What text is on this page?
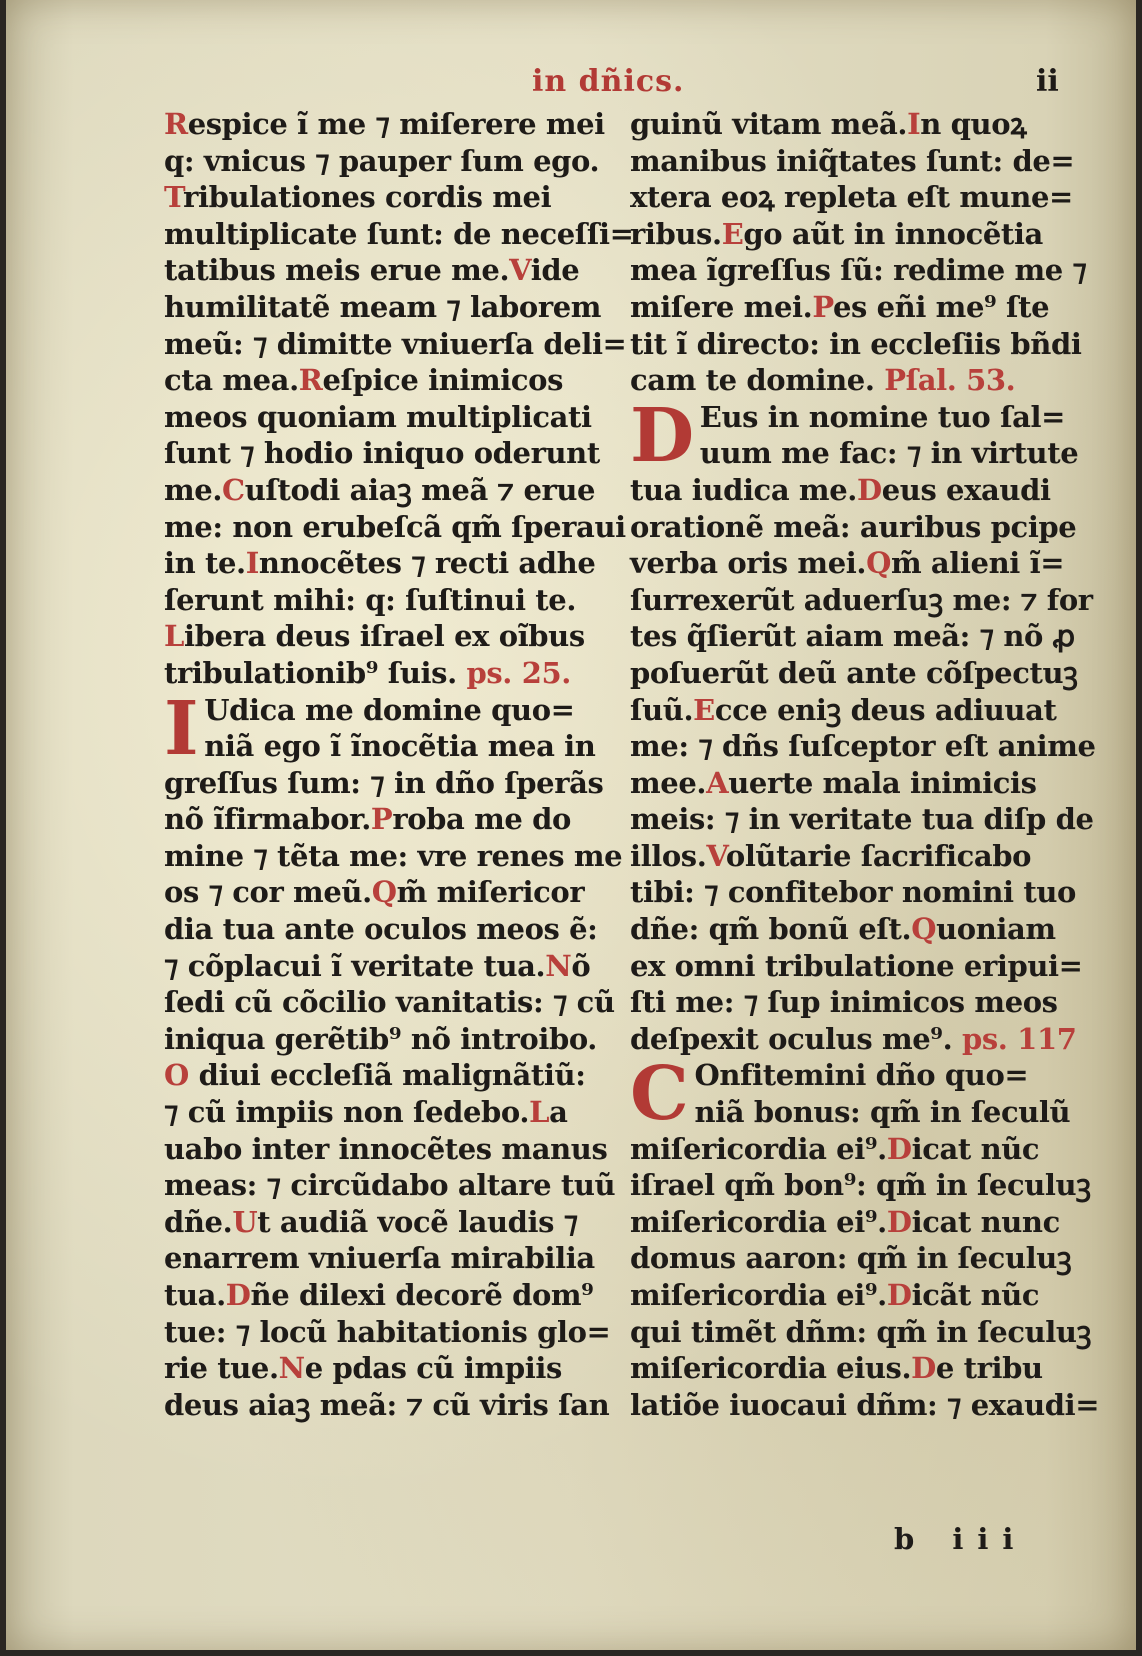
in dñics.	ii
Respice ĩ me ⁊ miſerere mei
q: vnicus ⁊ pauper ſum ego.
Tribulationes cordis mei
multiplicate ſunt: de neceſſi=
tatibus meis erue me.Vide
humilitatẽ meam ⁊ laborem
meũ: ⁊ dimitte vniuerſa deli=
cta mea.Reſpice inimicos
meos quoniam multiplicati
ſunt ⁊ hodio iniquo oderunt
me.Cuſtodi aiaꝫ meã ⁊ erue
me: non erubeſcã qm̃ ſperaui
in te.Innocẽtes ⁊ recti adhe
ſerunt mihi: q: ſuſtinui te.
Libera deus iſrael ex oĩbus
tribulationib⁹ ſuis. ps. 25.
I Udica me domine quo=
niã ego ĩ ĩnocẽtia mea in
greſſus ſum: ⁊ in dño ſperãs
nõ ĩfirmabor.Proba me do
mine ⁊ tẽta me: vre renes me
os ⁊ cor meũ.Qm̃ miſericor
dia tua ante oculos meos ẽ:
⁊ cõplacui ĩ veritate tua.Nõ
ſedi cũ cõcilio vanitatis: ⁊ cũ
iniqua gerẽtib⁹ nõ introibo.
O diui eccleſiã malignãtiũ:
⁊ cũ impiis non ſedebo.La
uabo inter innocẽtes manus
meas: ⁊ circũdabo altare tuũ
dñe.Ut audiã vocẽ laudis ⁊
enarrem vniuerſa mirabilia
tua.Dñe dilexi decorẽ dom⁹
tue: ⁊ locũ habitationis glo=
rie tue.Ne pdas cũ impiis
deus aiaꝫ meã: ⁊ cũ viris ſan
guinũ vitam meã.In quoꝝ
manibus iniq̃tates ſunt: de=
xtera eoꝝ repleta eſt mune=
ribus.Ego aũt in innocẽtia
mea ĩgreſſus ſũ: redime me ⁊
miſere mei.Pes eñi me⁹ ſte
tit ĩ directo: in eccleſiis bñdi
cam te domine. Pſal. 53.
D Eus in nomine tuo ſal=
uum me fac: ⁊ in virtute
tua iudica me.Deus exaudi
orationẽ meã: auribus pcipe
verba oris mei.Qm̃ alieni ĩ=
ſurrexerũt aduerſuꝫ me: ⁊ for
tes q̃ſierũt aiam meã: ⁊ nõ ꝓ
poſuerũt deũ ante cõſpectuꝫ
ſuũ.Ecce eniꝫ deus adiuuat
me: ⁊ dñs ſuſceptor eſt anime
mee.Auerte mala inimicis
meis: ⁊ in veritate tua diſp de
illos.Volũtarie ſacrificabo
tibi: ⁊ confitebor nomini tuo
dñe: qm̃ bonũ eſt.Quoniam
ex omni tribulatione eripui=
ſti me: ⁊ ſup inimicos meos
deſpexit oculus me⁹. ps. 117
C Onfitemini dño quo=
niã bonus: qm̃ in ſeculũ
miſericordia ei⁹.Dicat nũc
iſrael qm̃ bon⁹: qm̃ in ſeculuꝫ
miſericordia ei⁹.Dicat nunc
domus aaron: qm̃ in ſeculuꝫ
miſericordia ei⁹.Dicãt nũc
qui timẽt dñm: qm̃ in ſeculuꝫ
miſericordia eius.De tribu
latiõe iuocaui dñm: ⁊ exaudi=
b iii
